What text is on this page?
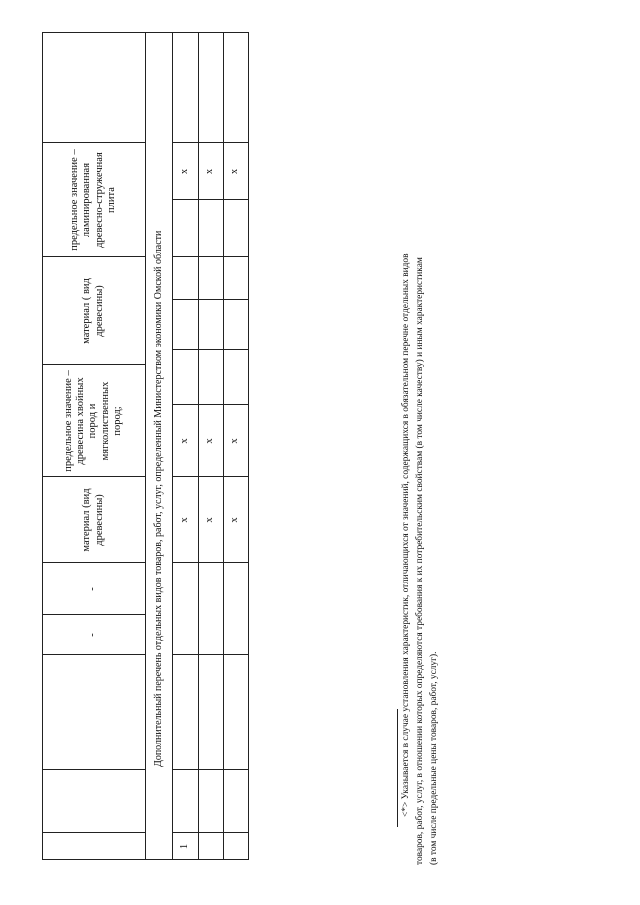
-
-
материал (вид древесины)
предельное значение – древесина хвойных пород и мягколиственных пород;
материал ( вид древесины)
предельное значение – ламинированная древесно-стружечная плита
Дополнительный перечень отдельных видов товаров, работ, услуг, определенный Министерством экономики Омской области
1
x
x
x
x
x
x
x
x
x
<*> Указывается в случае установления характеристик, отличающихся от значений, содержащихся в обязательном перечне отдельных видов товаров, работ, услуг, в отношении которых определяются требования к их потребительским свойствам (в том числе качеству) и иным характеристикам (в том числе предельные цены товаров, работ, услуг).
